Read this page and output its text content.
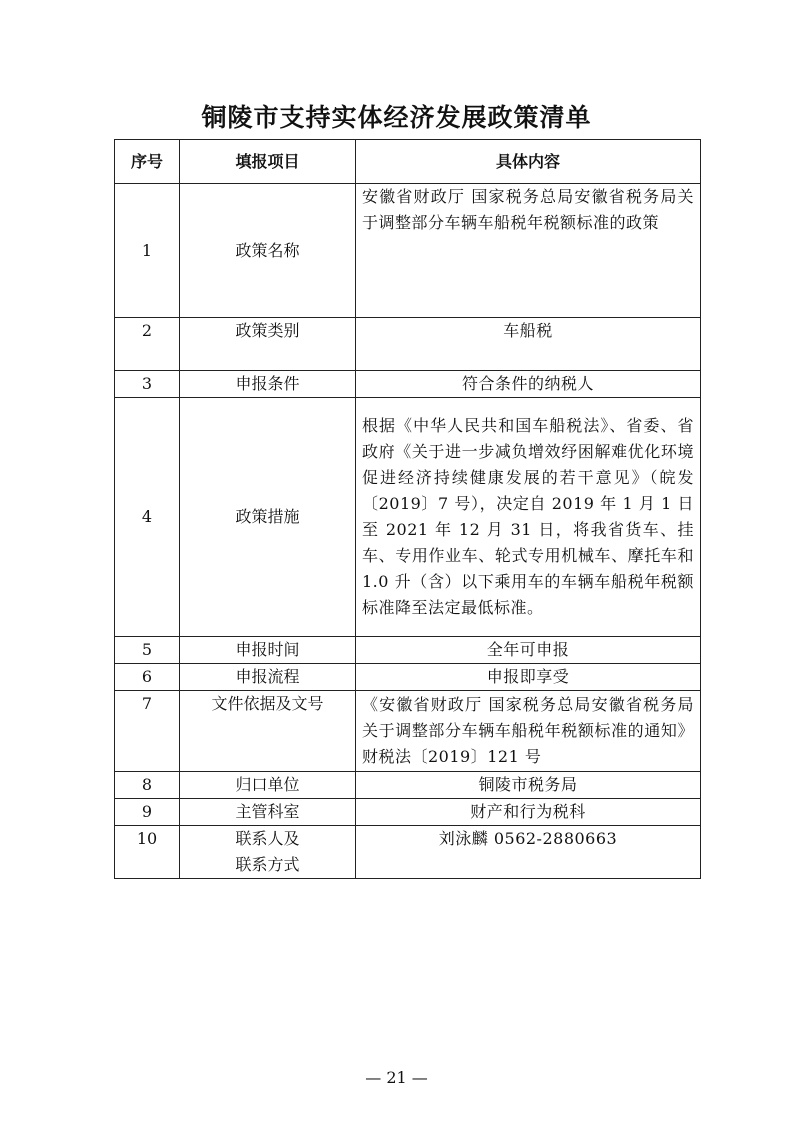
铜陵市支持实体经济发展政策清单
序号	填报项目	具体内容
1	政策名称	安徽省财政厅 国家税务总局安徽省税务局关于调整部分车辆车船税年税额标准的政策
2	政策类别	车船税
3	申报条件	符合条件的纳税人
4	政策措施	根据《中华人民共和国车船税法》、省委、省政府《关于进一步减负增效纾困解难优化环境促进经济持续健康发展的若干意见》（皖发〔2019〕7 号），决定自 2019 年 1 月 1 日至 2021 年 12 月 31 日，将我省货车、挂车、专用作业车、轮式专用机械车、摩托车和 1.0 升（含）以下乘用车的车辆车船税年税额标准降至法定最低标准。
5	申报时间	全年可申报
6	申报流程	申报即享受
7	文件依据及文号	《安徽省财政厅 国家税务总局安徽省税务局关于调整部分车辆车船税年税额标准的通知》财税法〔2019〕121 号
8	归口单位	铜陵市税务局
9	主管科室	财产和行为税科
10	联系人及联系方式	刘泳麟 0562-2880663
— 21 —
